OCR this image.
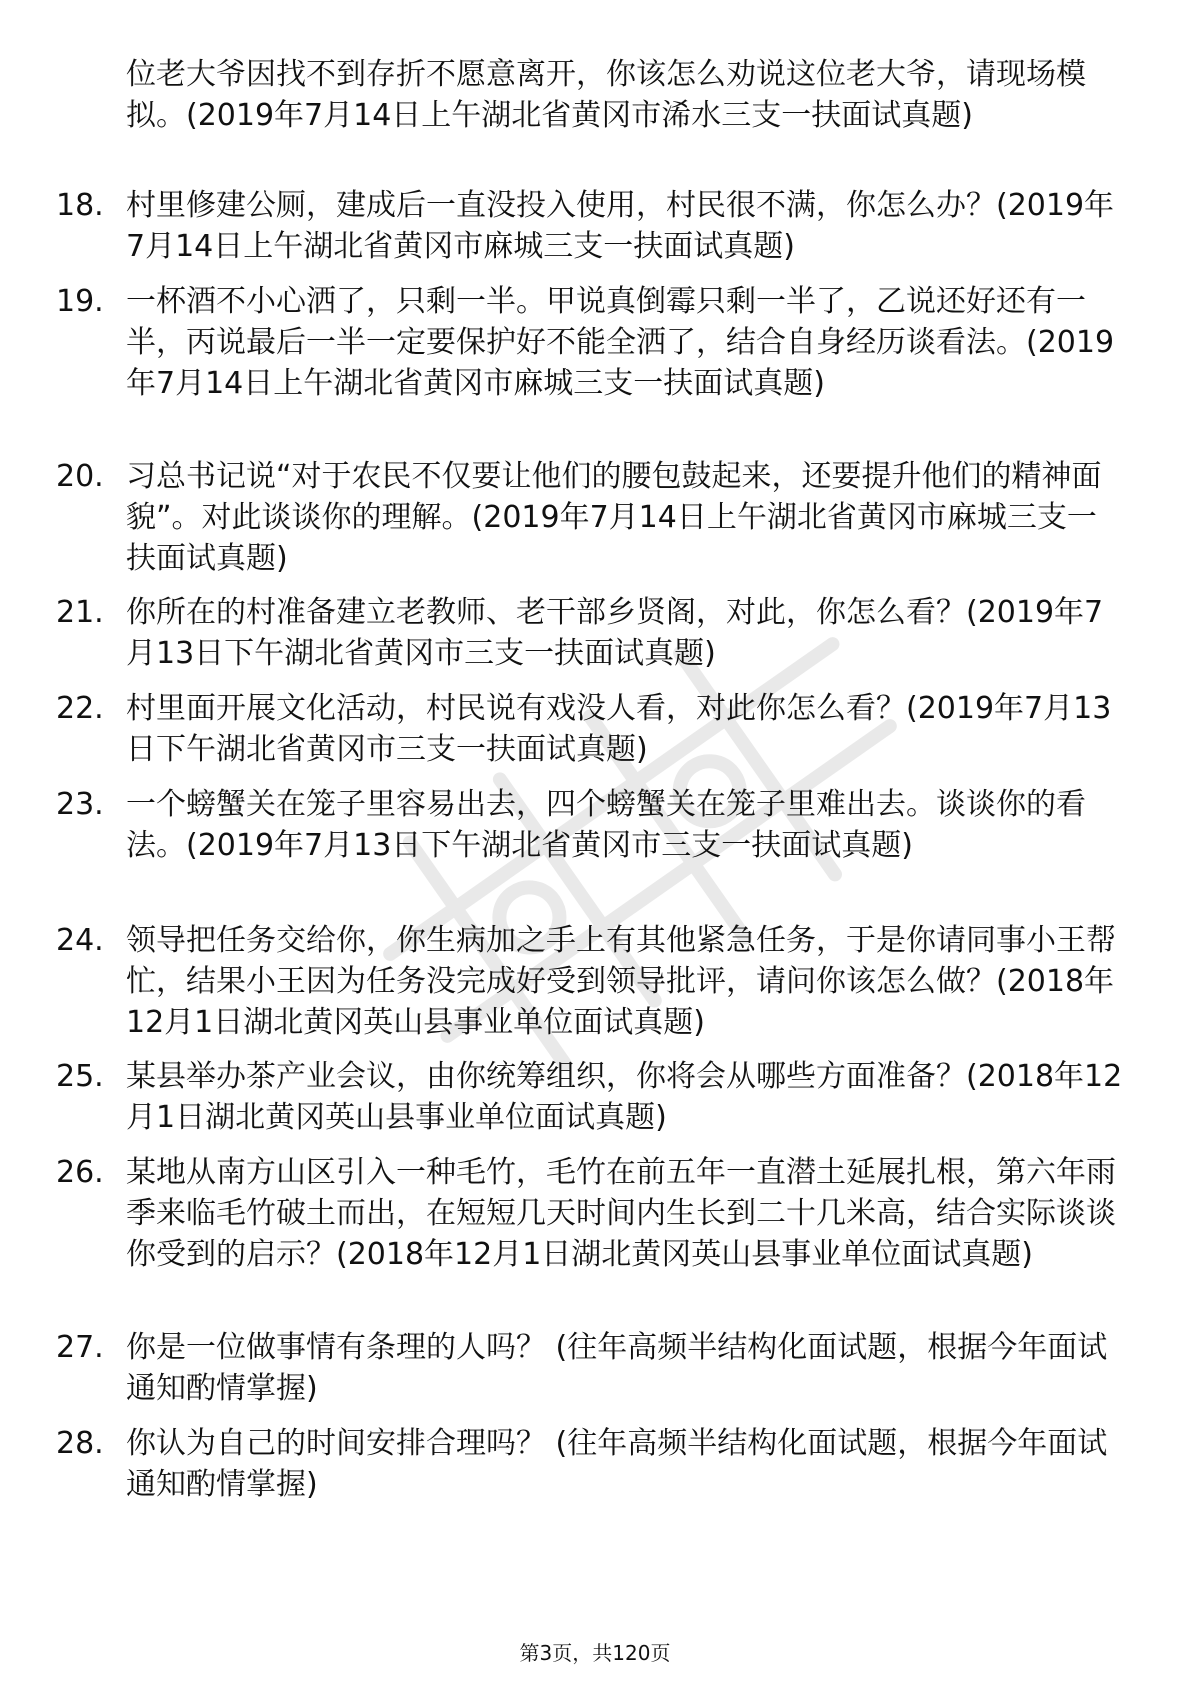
位老大爷因找不到存折不愿意离开，你该怎么劝说这位老大爷，请现场模拟。(2019年7月14日上午湖北省黄冈市浠水三支一扶面试真题)
18. 村里修建公厕，建成后一直没投入使用，村民很不满，你怎么办？(2019年7月14日上午湖北省黄冈市麻城三支一扶面试真题)
19. 一杯酒不小心洒了，只剩一半。甲说真倒霉只剩一半了，乙说还好还有一半，丙说最后一半一定要保护好不能全洒了，结合自身经历谈看法。(2019年7月14日上午湖北省黄冈市麻城三支一扶面试真题)
20. 习总书记说“对于农民不仅要让他们的腰包鼓起来，还要提升他们的精神面貌”。对此谈谈你的理解。(2019年7月14日上午湖北省黄冈市麻城三支一扶面试真题)
21. 你所在的村准备建立老教师、老干部乡贤阁，对此，你怎么看？(2019年7月13日下午湖北省黄冈市三支一扶面试真题)
22. 村里面开展文化活动，村民说有戏没人看，对此你怎么看？(2019年7月13日下午湖北省黄冈市三支一扶面试真题)
23. 一个螃蟹关在笼子里容易出去，四个螃蟹关在笼子里难出去。谈谈你的看法。(2019年7月13日下午湖北省黄冈市三支一扶面试真题)
24. 领导把任务交给你，你生病加之手上有其他紧急任务，于是你请同事小王帮忙，结果小王因为任务没完成好受到领导批评，请问你该怎么做？(2018年12月1日湖北黄冈英山县事业单位面试真题)
25. 某县举办茶产业会议，由你统筹组织，你将会从哪些方面准备？(2018年12月1日湖北黄冈英山县事业单位面试真题)
26. 某地从南方山区引入一种毛竹，毛竹在前五年一直潜土延展扎根，第六年雨季来临毛竹破土而出，在短短几天时间内生长到二十几米高，结合实际谈谈你受到的启示？(2018年12月1日湖北黄冈英山县事业单位面试真题)
27. 你是一位做事情有条理的人吗？ (往年高频半结构化面试题，根据今年面试通知酌情掌握)
28. 你认为自己的时间安排合理吗？ (往年高频半结构化面试题，根据今年面试通知酌情掌握)
第3页，共120页
